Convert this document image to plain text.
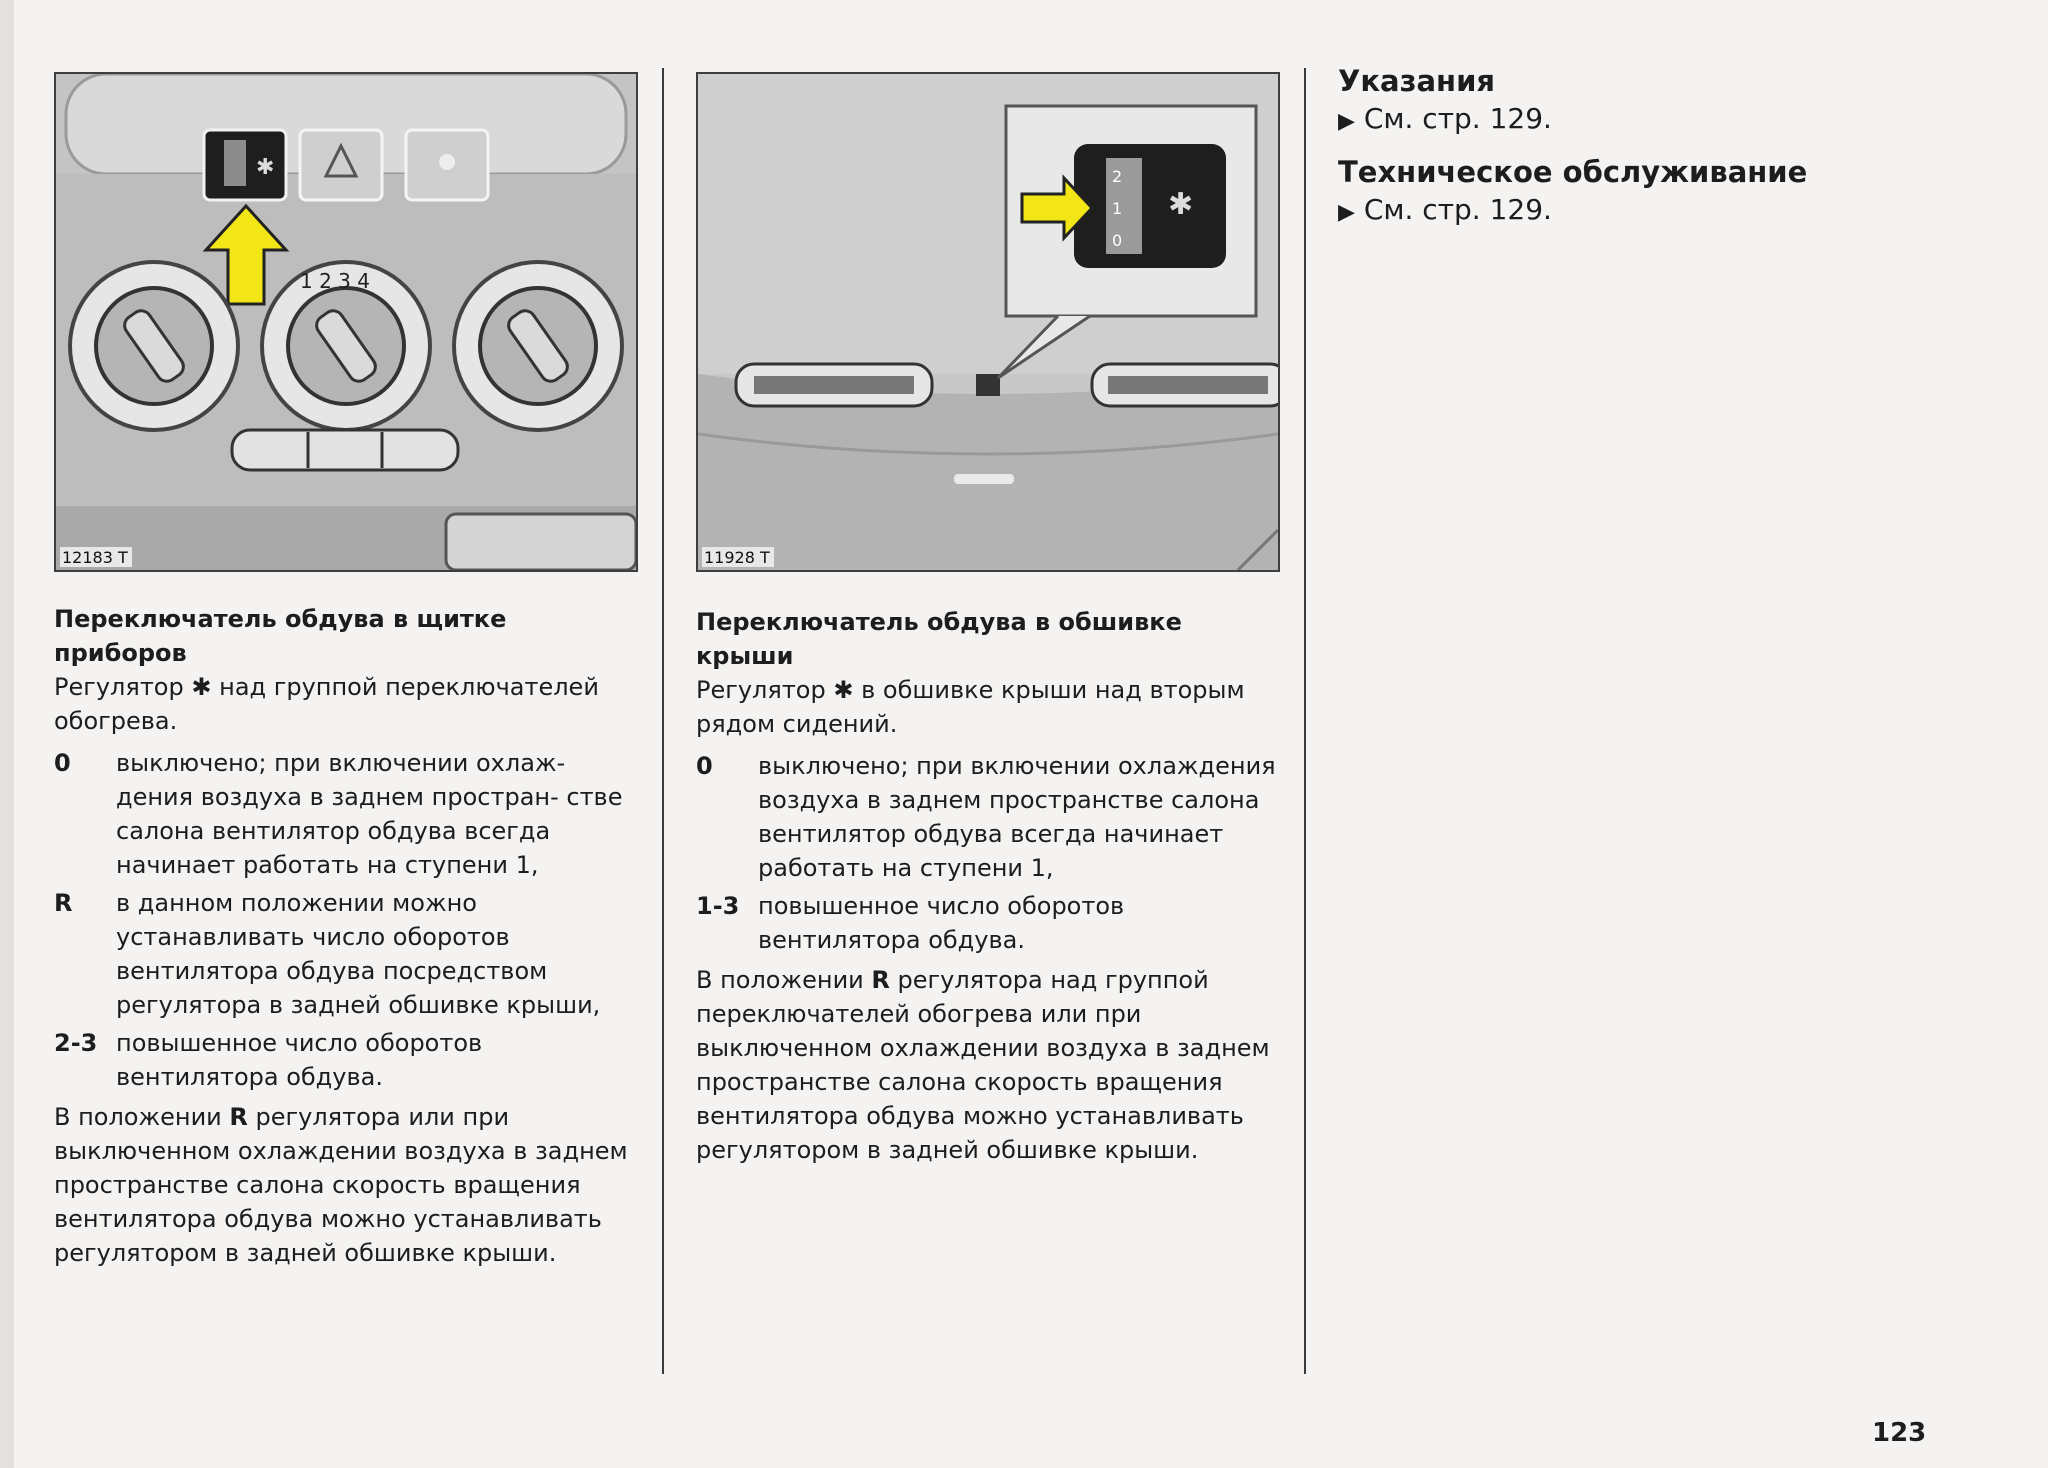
✱
1 2 3 4
12183 T
2
1
0
✱
11928 T

Переключатель обдува в щитке приборов

Регулятор ✱ над группой переключателей обогрева.

0	выключено; при включении охлаж- дения воздуха в заднем простран- стве салона вентилятор обдува всегда начинает работать на ступени 1,
R	в данном положении можно устанавливать число оборотов вентилятора обдува посредством регулятора в задней обшивке крыши,
2-3 повышенное число оборотов вентилятора обдува.

В положении R регулятора или при выключенном охлаждении воздуха в заднем пространстве салона скорость вращения вентилятора обдува можно устанавливать регулятором в задней обшивке крыши.

Переключатель обдува в обшивке крыши

Регулятор ✱ в обшивке крыши над вторым рядом сидений.

0	выключено; при включении охлаждения воздуха в заднем пространстве салона вентилятор обдува всегда начинает работать на ступени 1,
1-3 повышенное число оборотов вентилятора обдува.

В положении R регулятора над группой переключателей обогрева или при выключенном охлаждении воздуха в заднем пространстве салона скорость вращения вентилятора обдува можно устанавливать регулятором в задней обшивке крыши.

Указания

▶ См. стр. 129.

Техническое обслуживание

▶ См. стр. 129.

123
